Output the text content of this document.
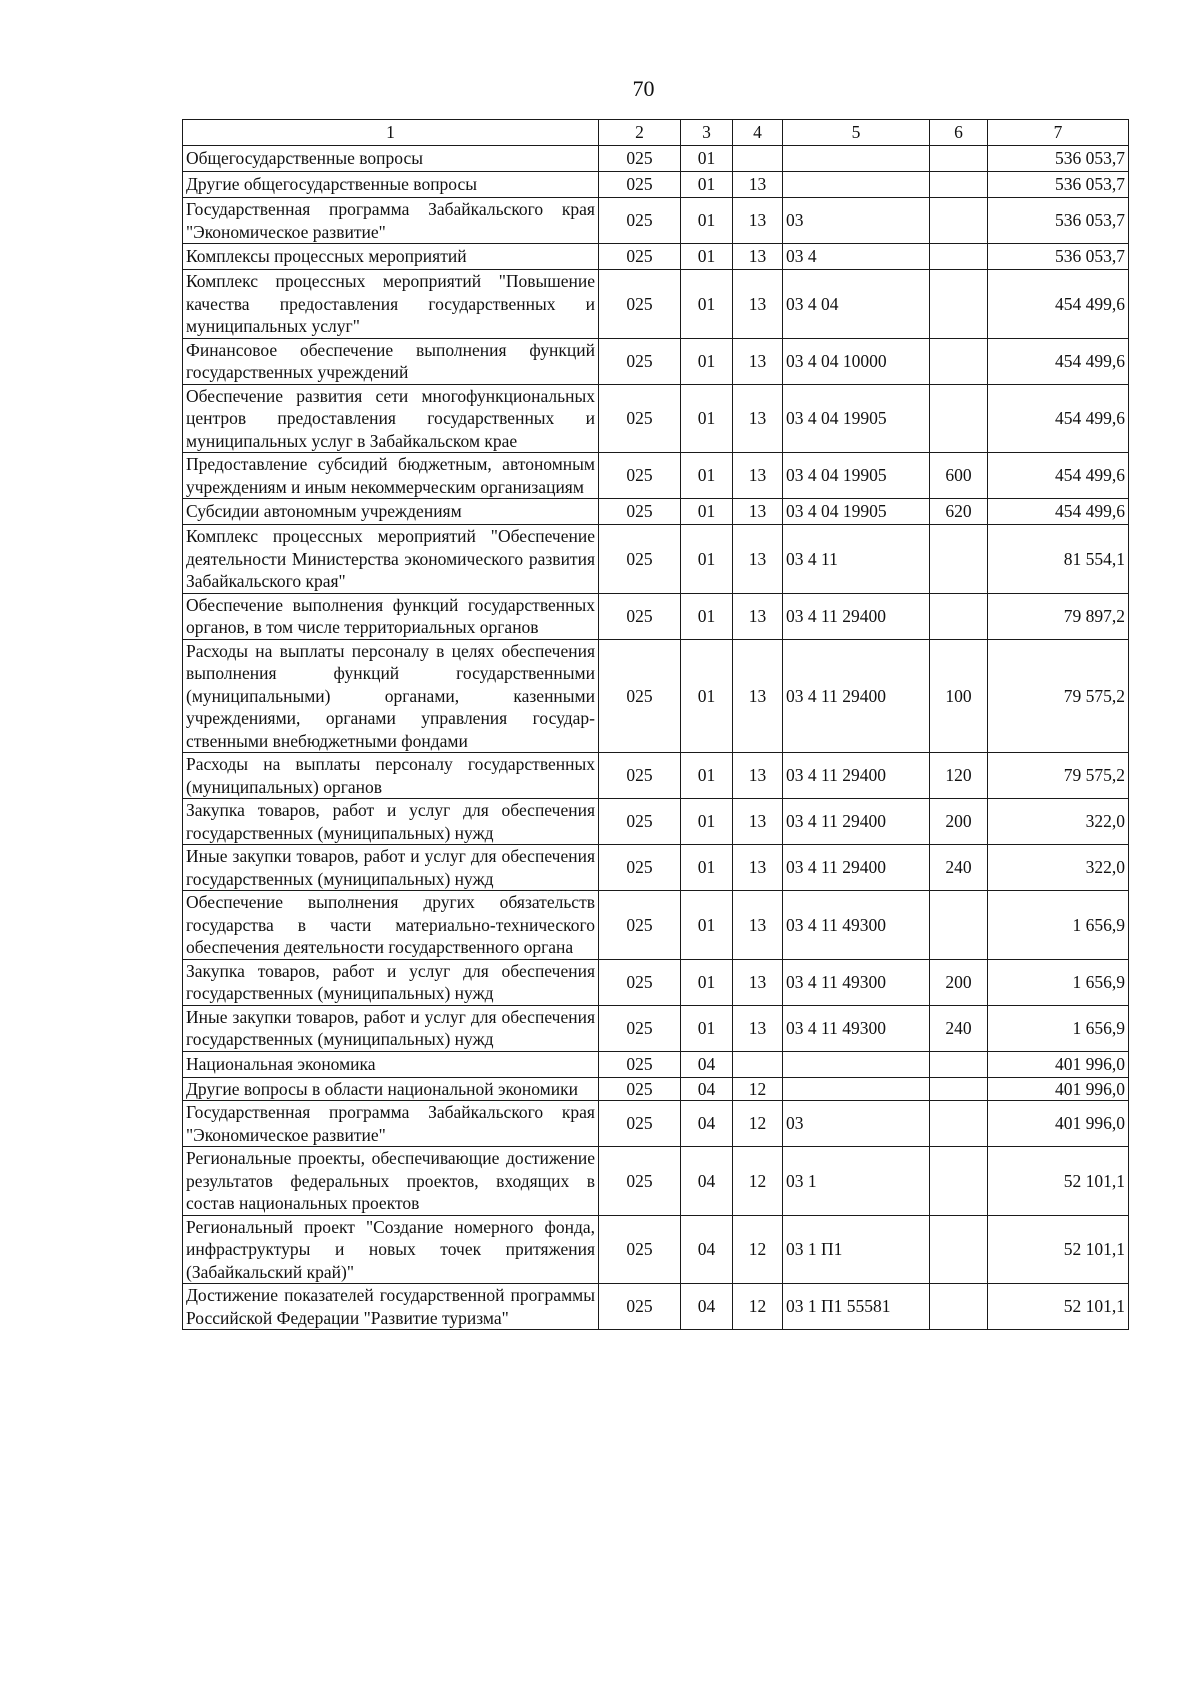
70
1	2	3	4	5	6	7
Общегосударственные вопросы	025	01				536 053,7
Другие общегосударственные вопросы	025	01	13			536 053,7
Государственная программа Забайкальского края "Экономическое развитие"	025	01	13	03		536 053,7
Комплексы процессных мероприятий	025	01	13	03 4		536 053,7
Комплекс процессных мероприятий "Повышение качества предоставления государственных и муниципальных услуг"	025	01	13	03 4 04		454 499,6
Финансовое обеспечение выполнения функций государственных учреждений	025	01	13	03 4 04 10000		454 499,6
Обеспечение развития сети многофункциональных центров предоставления государственных и муниципальных услуг в Забайкальском крае	025	01	13	03 4 04 19905		454 499,6
Предоставление субсидий бюджетным, автономным учреждениям и иным некоммерческим организациям	025	01	13	03 4 04 19905	600	454 499,6
Субсидии автономным учреждениям	025	01	13	03 4 04 19905	620	454 499,6
Комплекс процессных мероприятий "Обеспечение деятельности Министерства экономического развития Забайкальского края"	025	01	13	03 4 11		81 554,1
Обеспечение выполнения функций государственных органов, в том числе территориальных органов	025	01	13	03 4 11 29400		79 897,2
Расходы на выплаты персоналу в целях обеспечения выполнения функций государственными (муниципальными) органами, казенными учреждениями, органами управления государственными внебюджетными фондами	025	01	13	03 4 11 29400	100	79 575,2
Расходы на выплаты персоналу государственных (муниципальных) органов	025	01	13	03 4 11 29400	120	79 575,2
Закупка товаров, работ и услуг для обеспечения государственных (муниципальных) нужд	025	01	13	03 4 11 29400	200	322,0
Иные закупки товаров, работ и услуг для обеспечения государственных (муниципальных) нужд	025	01	13	03 4 11 29400	240	322,0
Обеспечение выполнения других обязательств государства в части материально-технического обеспечения деятельности государственного органа	025	01	13	03 4 11 49300		1 656,9
Закупка товаров, работ и услуг для обеспечения государственных (муниципальных) нужд	025	01	13	03 4 11 49300	200	1 656,9
Иные закупки товаров, работ и услуг для обеспечения государственных (муниципальных) нужд	025	01	13	03 4 11 49300	240	1 656,9
Национальная экономика	025	04				401 996,0
Другие вопросы в области национальной экономики	025	04	12			401 996,0
Государственная программа Забайкальского края "Экономическое развитие"	025	04	12	03		401 996,0
Региональные проекты, обеспечивающие достижение результатов федеральных проектов, входящих в состав национальных проектов	025	04	12	03 1		52 101,1
Региональный проект "Создание номерного фонда, инфраструктуры и новых точек притяжения (Забайкальский край)"	025	04	12	03 1 П1		52 101,1
Достижение показателей государственной программы Российской Федерации "Развитие туризма"	025	04	12	03 1 П1 55581		52 101,1
